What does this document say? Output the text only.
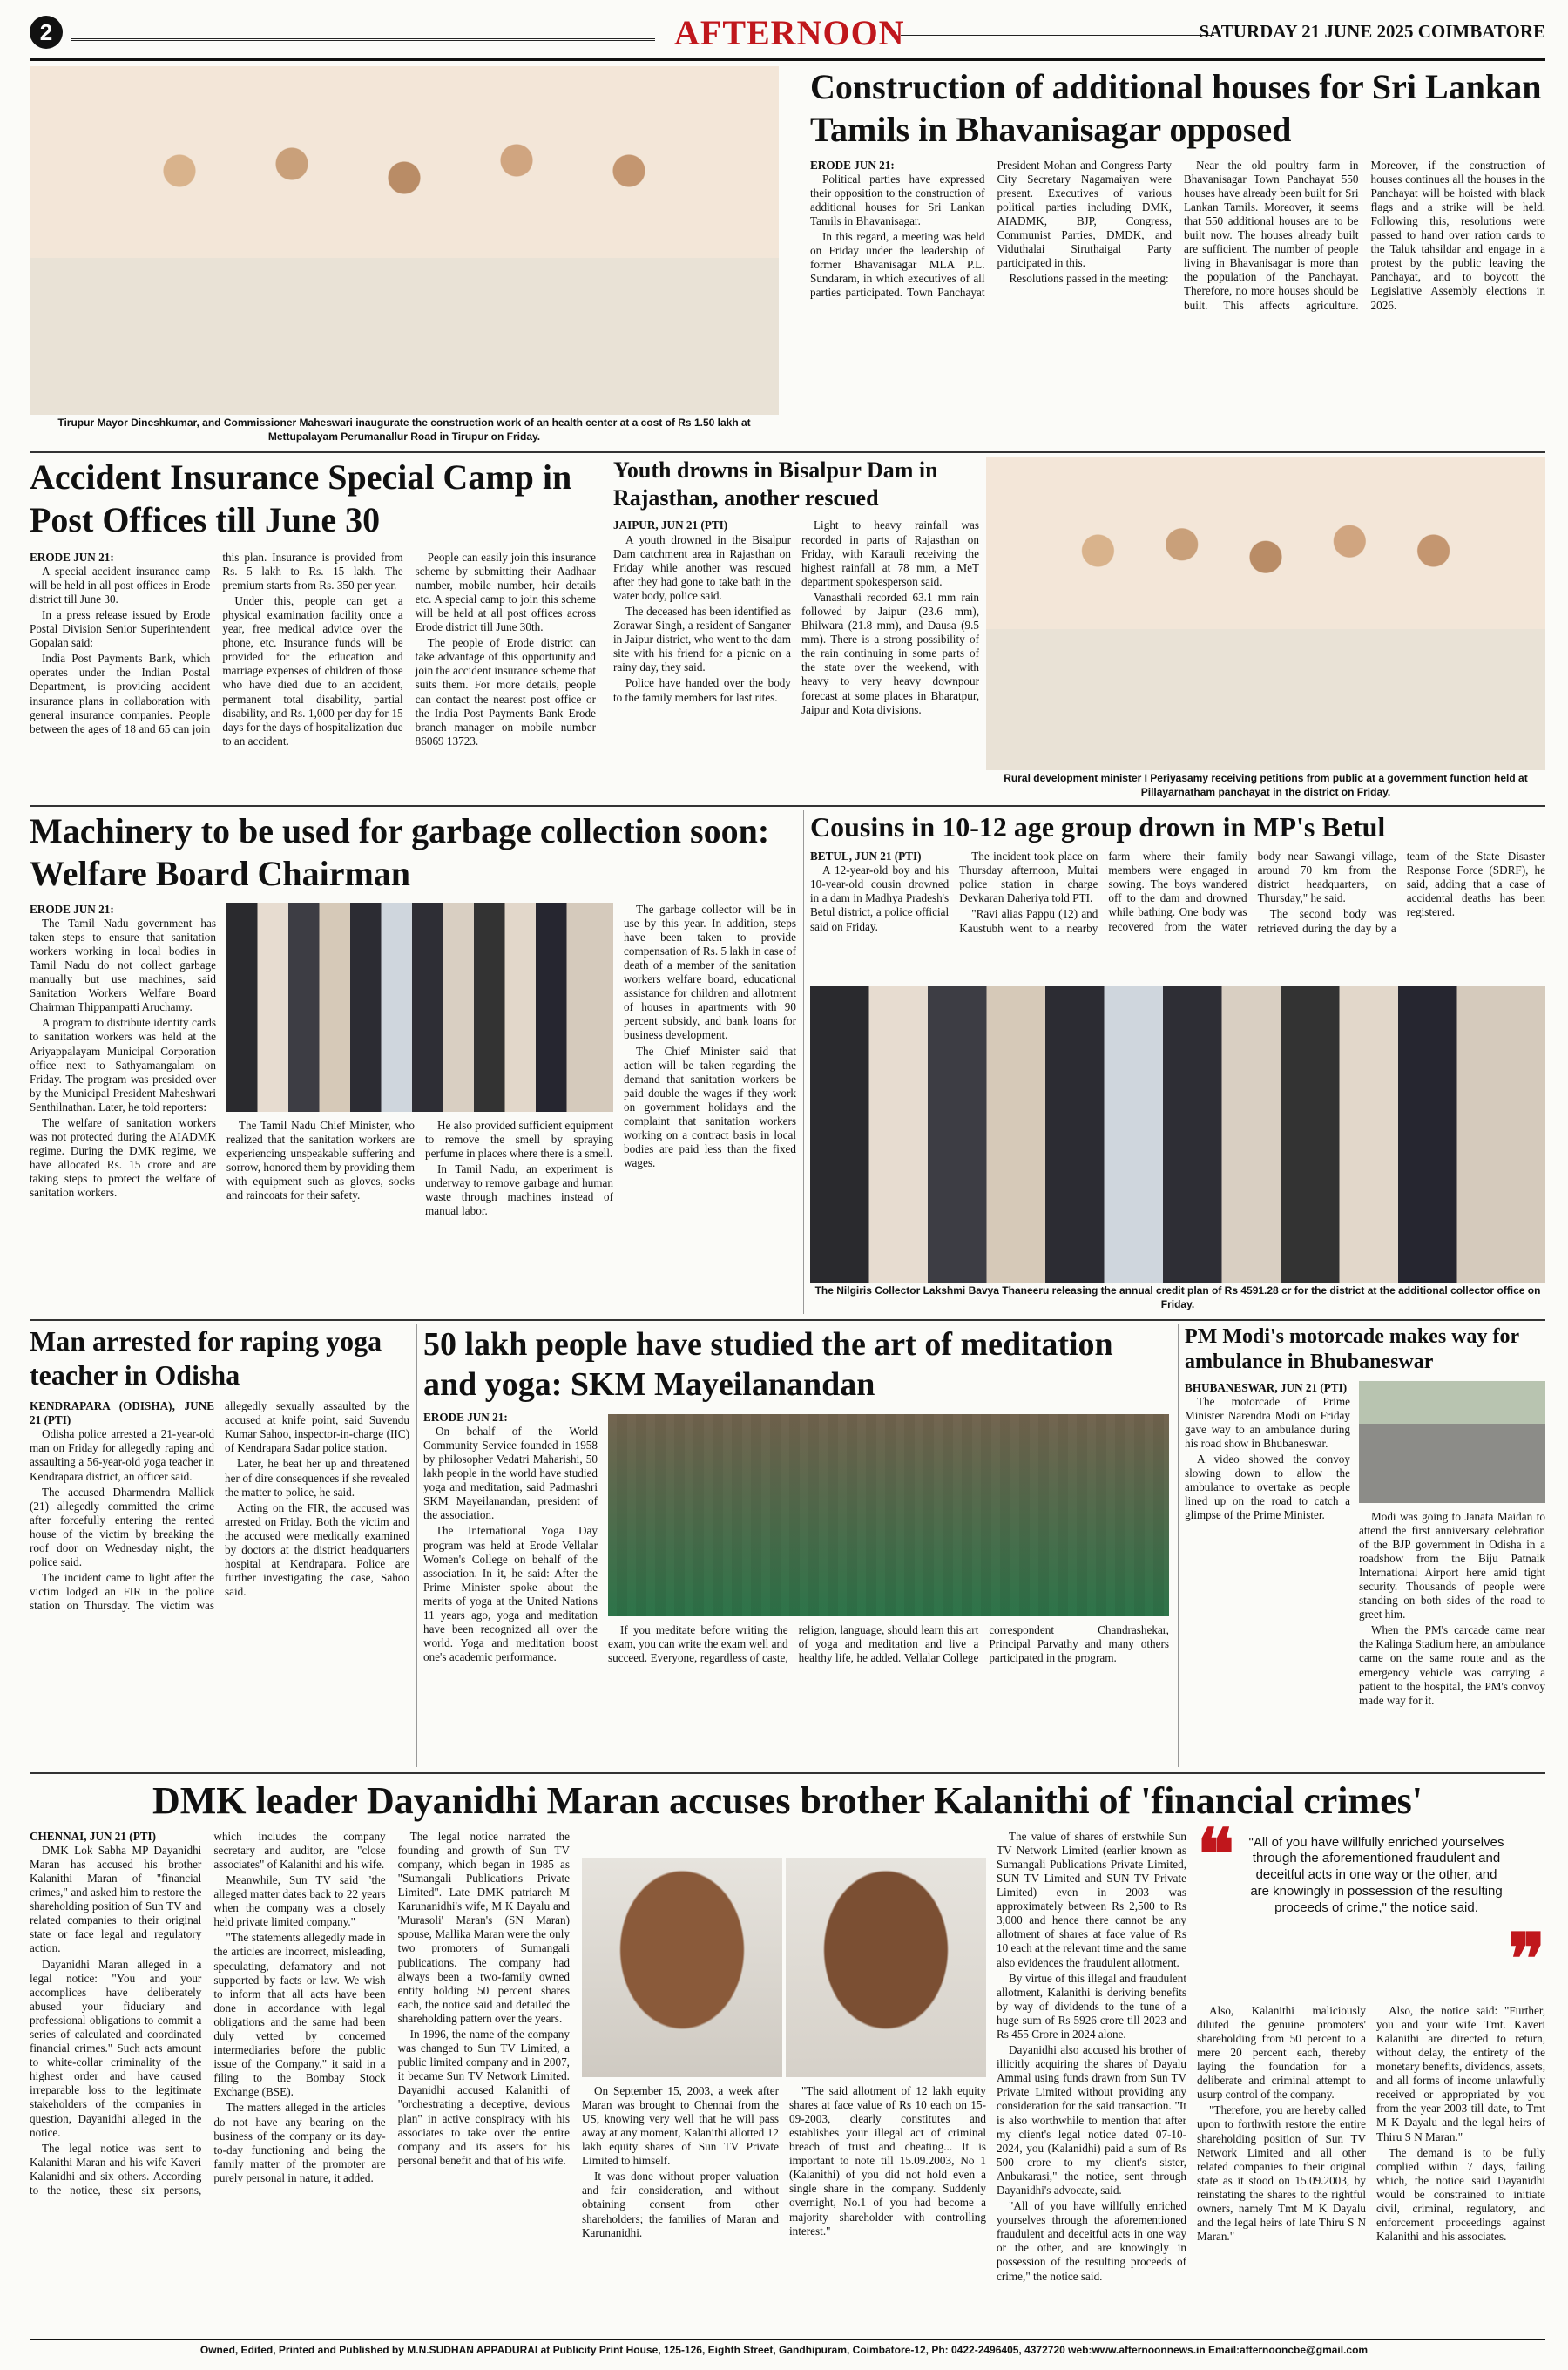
2	AFTERNOON	SATURDAY 21 JUNE 2025 COIMBATORE
Tirupur Mayor Dineshkumar, and Commissioner Maheswari inaugurate the construction work of an health center at a cost of Rs 1.50 lakh at Mettupalayam Perumanallur Road in Tirupur on Friday.
Construction of additional houses for Sri Lankan Tamils in Bhavanisagar opposed
ERODE JUN 21:

Political parties have expressed their opposition to the construction of additional houses for Sri Lankan Tamils in Bhavanisagar.

In this regard, a meeting was held on Friday under the leadership of former Bhavanisagar MLA P.L. Sundaram, in which executives of all parties participated. Town Panchayat President Mohan and Congress Party City Secretary Nagamaiyan were present. Executives of various political parties including DMK, AIADMK, BJP, Congress, Communist Parties, DMDK, and Viduthalai Siruthaigal Party participated in this.

Resolutions passed in the meeting:

Near the old poultry farm in Bhavanisagar Town Panchayat 550 houses have already been built for Sri Lankan Tamils. Moreover, it seems that 550 additional houses are to be built now. The houses already built are sufficient. The number of people living in Bhavanisagar is more than the population of the Panchayat. Therefore, no more houses should be built. This affects agriculture. Moreover, if the construction of houses continues all the houses in the Panchayat will be hoisted with black flags and a strike will be held. Following this, resolutions were passed to hand over ration cards to the Taluk tahsildar and engage in a protest by the public leaving the Panchayat, and to boycott the Legislative Assembly elections in 2026.

Accident Insurance Special Camp in Post Offices till June 30
ERODE JUN 21:

A special accident insurance camp will be held in all post offices in Erode district till June 30.

In a press release issued by Erode Postal Division Senior Superintendent Gopalan said:

India Post Payments Bank, which operates under the Indian Postal Department, is providing accident insurance plans in collaboration with general insurance companies. People between the ages of 18 and 65 can join this plan. Insurance is provided from Rs. 5 lakh to Rs. 15 lakh. The premium starts from Rs. 350 per year.

Under this, people can get a physical examination facility once a year, free medical advice over the phone, etc. Insurance funds will be provided for the education and marriage expenses of children of those who have died due to an accident, permanent total disability, partial disability, and Rs. 1,000 per day for 15 days for the days of hospitalization due to an accident.

People can easily join this insurance scheme by submitting their Aadhaar number, mobile number, heir details etc. A special camp to join this scheme will be held at all post offices across Erode district till June 30th.

The people of Erode district can take advantage of this opportunity and join the accident insurance scheme that suits them. For more details, people can contact the nearest post office or the India Post Payments Bank Erode branch manager on mobile number 86069 13723.

Youth drowns in Bisalpur Dam in Rajasthan, another rescued
JAIPUR, JUN 21 (PTI)

A youth drowned in the Bisalpur Dam catchment area in Rajasthan on Friday while another was rescued after they had gone to take bath in the water body, police said.

The deceased has been identified as Zorawar Singh, a resident of Sanganer in Jaipur district, who went to the dam site with his friend for a picnic on a rainy day, they said.

Police have handed over the body to the family members for last rites.

Light to heavy rainfall was recorded in parts of Rajasthan on Friday, with Karauli receiving the highest rainfall at 78 mm, a MeT department spokesperson said.

Vanasthali recorded 63.1 mm rain followed by Jaipur (23.6 mm), Bhilwara (21.8 mm), and Dausa (9.5 mm). There is a strong possibility of the rain continuing in some parts of the state over the weekend, with heavy to very heavy downpour forecast at some places in Bharatpur, Jaipur and Kota divisions.

Rural development minister I Periyasamy receiving petitions from public at a government function held at Pillayarnatham panchayat in the district on Friday.
Machinery to be used for garbage collection soon: Welfare Board Chairman
ERODE JUN 21:

The Tamil Nadu government has taken steps to ensure that sanitation workers working in local bodies in Tamil Nadu do not collect garbage manually but use machines, said Sanitation Workers Welfare Board Chairman Thippampatti Aruchamy.

A program to distribute identity cards to sanitation workers was held at the Ariyappalayam Municipal Corporation office next to Sathyamangalam on Friday. The program was presided over by the Municipal President Maheshwari Senthilnathan. Later, he told reporters:

The welfare of sanitation workers was not protected during the AIADMK regime. During the DMK regime, we have allocated Rs. 15 crore and are taking steps to protect the welfare of sanitation workers.

The Tamil Nadu Chief Minister, who realized that the sanitation workers are experiencing unspeakable suffering and sorrow, honored them by providing them with equipment such as gloves, socks and raincoats for their safety.

He also provided sufficient equipment to remove the smell by spraying perfume in places where there is a smell.

In Tamil Nadu, an experiment is underway to remove garbage and human waste through machines instead of manual labor.

The garbage collector will be in use by this year. In addition, steps have been taken to provide compensation of Rs. 5 lakh in case of death of a member of the sanitation workers welfare board, educational assistance for children and allotment of houses in apartments with 90 percent subsidy, and bank loans for business development.

The Chief Minister said that action will be taken regarding the demand that sanitation workers be paid double the wages if they work on government holidays and the complaint that sanitation workers working on a contract basis in local bodies are paid less than the fixed wages.

Cousins in 10-12 age group drown in MP's Betul
BETUL, JUN 21 (PTI)

A 12-year-old boy and his 10-year-old cousin drowned in a dam in Madhya Pradesh's Betul district, a police official said on Friday.

The incident took place on Thursday afternoon, Multai police station in charge Devkaran Daheriya told PTI.

"Ravi alias Pappu (12) and Kaustubh went to a nearby farm where their family members were engaged in sowing. The boys wandered off to the dam and drowned while bathing. One body was recovered from the water body near Sawangi village, around 70 km from the district headquarters, on Thursday," he said.

The second body was retrieved during the day by a team of the State Disaster Response Force (SDRF), he said, adding that a case of accidental deaths has been registered.

The Nilgiris Collector Lakshmi Bavya Thaneeru releasing the annual credit plan of Rs 4591.28 cr for the district at the additional collector office on Friday.
Man arrested for raping yoga teacher in Odisha
KENDRAPARA (ODISHA), JUNE 21 (PTI)

Odisha police arrested a 21-year-old man on Friday for allegedly raping and assaulting a 56-year-old yoga teacher in Kendrapara district, an officer said.

The accused Dharmendra Mallick (21) allegedly committed the crime after forcefully entering the rented house of the victim by breaking the roof door on Wednesday night, the police said.

The incident came to light after the victim lodged an FIR in the police station on Thursday. The victim was allegedly sexually assaulted by the accused at knife point, said Suvendu Kumar Sahoo, inspector-in-charge (IIC) of Kendrapara Sadar police station.

Later, he beat her up and threatened her of dire consequences if she revealed the matter to police, he said.

Acting on the FIR, the accused was arrested on Friday. Both the victim and the accused were medically examined by doctors at the district headquarters hospital at Kendrapara. Police are further investigating the case, Sahoo said.

50 lakh people have studied the art of meditation and yoga: SKM Mayeilanandan
ERODE JUN 21:

On behalf of the World Community Service founded in 1958 by philosopher Vedatri Maharishi, 50 lakh people in the world have studied yoga and meditation, said Padmashri SKM Mayeilanandan, president of the association.

The International Yoga Day program was held at Erode Vellalar Women's College on behalf of the association. In it, he said: After the Prime Minister spoke about the merits of yoga at the United Nations 11 years ago, yoga and meditation have been recognized all over the world. Yoga and meditation boost one's academic performance.

If you meditate before writing the exam, you can write the exam well and succeed. Everyone, regardless of caste, religion, language, should learn this art of yoga and meditation and live a healthy life, he added. Vellalar College correspondent Chandrashekar, Principal Parvathy and many others participated in the program.

PM Modi's motorcade makes way for ambulance in Bhubaneswar
BHUBANESWAR, JUN 21 (PTI)

The motorcade of Prime Minister Narendra Modi on Friday gave way to an ambulance during his road show in Bhubaneswar.

A video showed the convoy slowing down to allow the ambulance to overtake as people lined up on the road to catch a glimpse of the Prime Minister.	Modi was going to Janata Maidan to attend the first anniversary celebration of the BJP government in Odisha in a roadshow from the Biju Patnaik International Airport here amid tight security. Thousands of people were standing on both sides of the road to greet him.

When the PM's carcade came near the Kalinga Stadium here, an ambulance came on the same route and as the emergency vehicle was carrying a patient to the hospital, the PM's convoy made way for it.

DMK leader Dayanidhi Maran accuses brother Kalanithi of 'financial crimes'
CHENNAI, JUN 21 (PTI)

DMK Lok Sabha MP Dayanidhi Maran has accused his brother Kalanithi Maran of "financial crimes," and asked him to restore the shareholding position of Sun TV and related companies to their original state or face legal and regulatory action.

Dayanidhi Maran alleged in a legal notice: "You and your accomplices have deliberately abused your fiduciary and professional obligations to commit a series of calculated and coordinated financial crimes." Such acts amount to white-collar criminality of the highest order and have caused irreparable loss to the legitimate stakeholders of the companies in question, Dayanidhi alleged in the notice.

The legal notice was sent to Kalanithi Maran and his wife Kaveri Kalanidhi and six others. According to the notice, these six persons, which includes the company secretary and auditor, are "close associates" of Kalanithi and his wife.

Meanwhile, Sun TV said "the alleged matter dates back to 22 years when the company was a closely held private limited company."

"The statements allegedly made in the articles are incorrect, misleading, speculating, defamatory and not supported by facts or law. We wish to inform that all acts have been done in accordance with legal obligations and the same had been duly vetted by concerned intermediaries before the public issue of the Company," it said in a filing to the Bombay Stock Exchange (BSE).

The matters alleged in the articles do not have any bearing on the business of the company or its day-to-day functioning and being the family matter of the promoter are purely personal in nature, it added.

The legal notice narrated the founding and growth of Sun TV company, which began in 1985 as "Sumangali Publications Private Limited". Late DMK patriarch M Karunanidhi's wife, M K Dayalu and 'Murasoli' Maran's (SN Maran) spouse, Mallika Maran were the only two promoters of Sumangali publications. The company had always been a two-family owned entity holding 50 percent shares each, the notice said and detailed the shareholding pattern over the years.

In 1996, the name of the company was changed to Sun TV Limited, a public limited company and in 2007, it became Sun TV Network Limited. Dayanidhi accused Kalanithi of "orchestrating a deceptive, devious plan" in active conspiracy with his associates to take over the entire company and its assets for his personal benefit and that of his wife.

On September 15, 2003, a week after Maran was brought to Chennai from the US, knowing very well that he will pass away at any moment, Kalanithi allotted 12 lakh equity shares of Sun TV Private Limited to himself.

It was done without proper valuation and fair consideration, and without obtaining consent from other shareholders; the families of Maran and Karunanidhi.

"The said allotment of 12 lakh equity shares at face value of Rs 10 each on 15-09-2003, clearly constitutes and establishes your illegal act of criminal breach of trust and cheating... It is important to note till 15.09.2003, No 1 (Kalanithi) of you did not hold even a single share in the company. Suddenly overnight, No.1 of you had become a majority shareholder with controlling interest."

The value of shares of erstwhile Sun TV Network Limited (earlier known as Sumangali Publications Private Limited, SUN TV Limited and SUN TV Private Limited) even in 2003 was approximately between Rs 2,500 to Rs 3,000 and hence there cannot be any allotment of shares at face value of Rs 10 each at the relevant time and the same also evidences the fraudulent allotment.

By virtue of this illegal and fraudulent allotment, Kalanithi is deriving benefits by way of dividends to the tune of a huge sum of Rs 5926 crore till 2023 and Rs 455 Crore in 2024 alone.

Dayanidhi also accused his brother of illicitly acquiring the shares of Dayalu Ammal using funds drawn from Sun TV Private Limited without providing any consideration for the said transaction. "It is also worthwhile to mention that after my client's legal notice dated 07-10-2024, you (Kalanidhi) paid a sum of Rs 500 crore to my client's sister, Anbukarasi," the notice, sent through Dayanidhi's advocate, said.

"All of you have willfully enriched yourselves through the aforementioned fraudulent and deceitful acts in one way or the other, and are knowingly in possession of the resulting proceeds of crime," the notice said.

❝ "All of you have willfully enriched yourselves through the aforementioned fraudulent and deceitful acts in one way or the other, and are knowingly in possession of the resulting proceeds of crime," the notice said.
❞

Also, Kalanithi maliciously diluted the genuine promoters' shareholding from 50 percent to a mere 20 percent each, thereby laying the foundation for a deliberate and criminal attempt to usurp control of the company.

"Therefore, you are hereby called upon to forthwith restore the entire shareholding position of Sun TV Network Limited and all other related companies to their original state as it stood on 15.09.2003, by reinstating the shares to the rightful owners, namely Tmt M K Dayalu and the legal heirs of late Thiru S N Maran."

Also, the notice said: "Further, you and your wife Tmt. Kaveri Kalanithi are directed to return, without delay, the entirety of the monetary benefits, dividends, assets, and all forms of income unlawfully received or appropriated by you from the year 2003 till date, to Tmt M K Dayalu and the legal heirs of Thiru S N Maran."

The demand is to be fully complied within 7 days, failing which, the notice said Dayanidhi would be constrained to initiate civil, criminal, regulatory, and enforcement proceedings against Kalanithi and his associates.

Owned, Edited, Printed and Published by M.N.SUDHAN APPADURAI at Publicity Print House, 125-126, Eighth Street, Gandhipuram, Coimbatore-12, Ph: 0422-2496405, 4372720 web:www.afternoonnews.in Email:afternooncbe@gmail.com
